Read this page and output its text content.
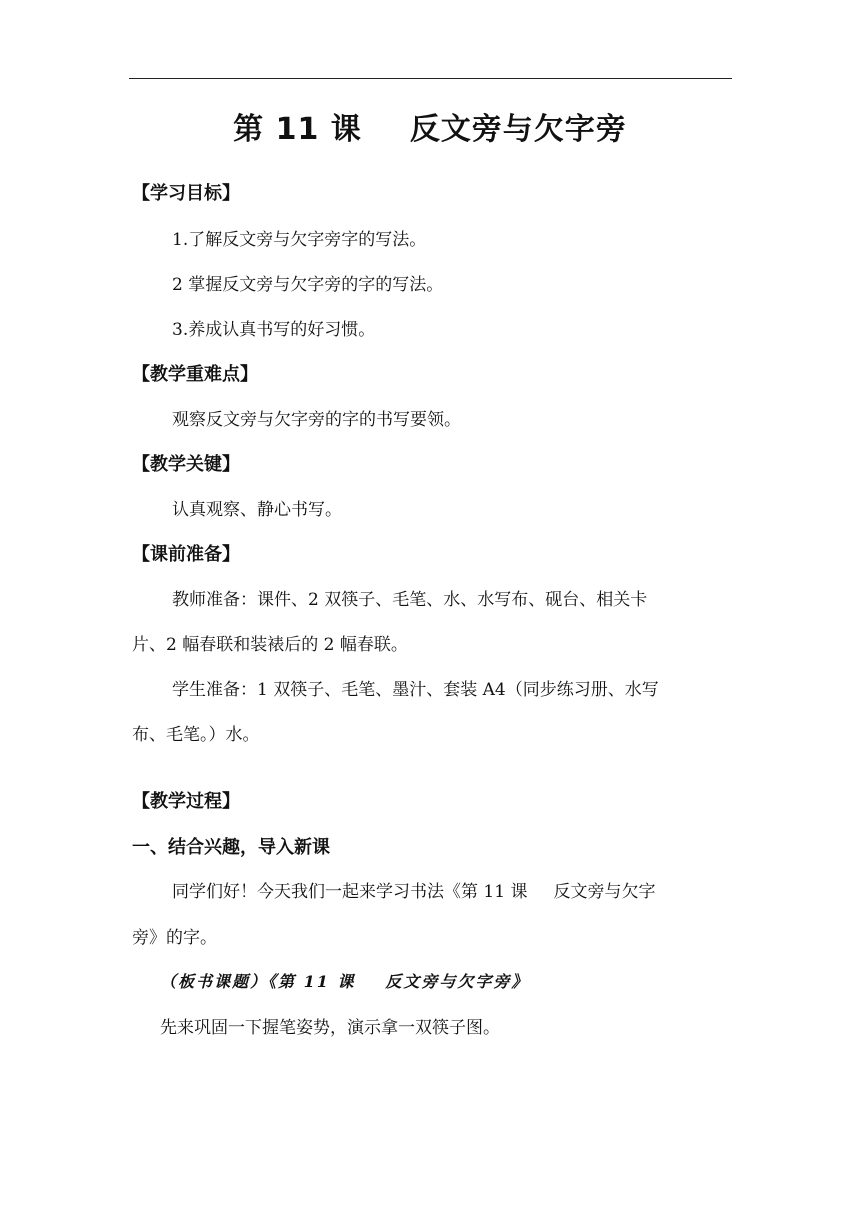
第 11 课 反文旁与欠字旁
【学习目标】
1.了解反文旁与欠字旁字的写法。
2 掌握反文旁与欠字旁的字的写法。
3.养成认真书写的好习惯。
【教学重难点】
观察反文旁与欠字旁的字的书写要领。
【教学关键】
认真观察、静心书写。
【课前准备】
教师准备：课件、2 双筷子、毛笔、水、水写布、砚台、相关卡
片、2 幅春联和装裱后的 2 幅春联。
学生准备：1 双筷子、毛笔、墨汁、套装 A4（同步练习册、水写
布、毛笔。）水。
【教学过程】
一、结合兴趣，导入新课
同学们好！今天我们一起来学习书法《第 11 课 反文旁与欠字
旁》的字。
（板书课题）《第 11 课 反文旁与欠字旁》
先来巩固一下握笔姿势，演示拿一双筷子图。
